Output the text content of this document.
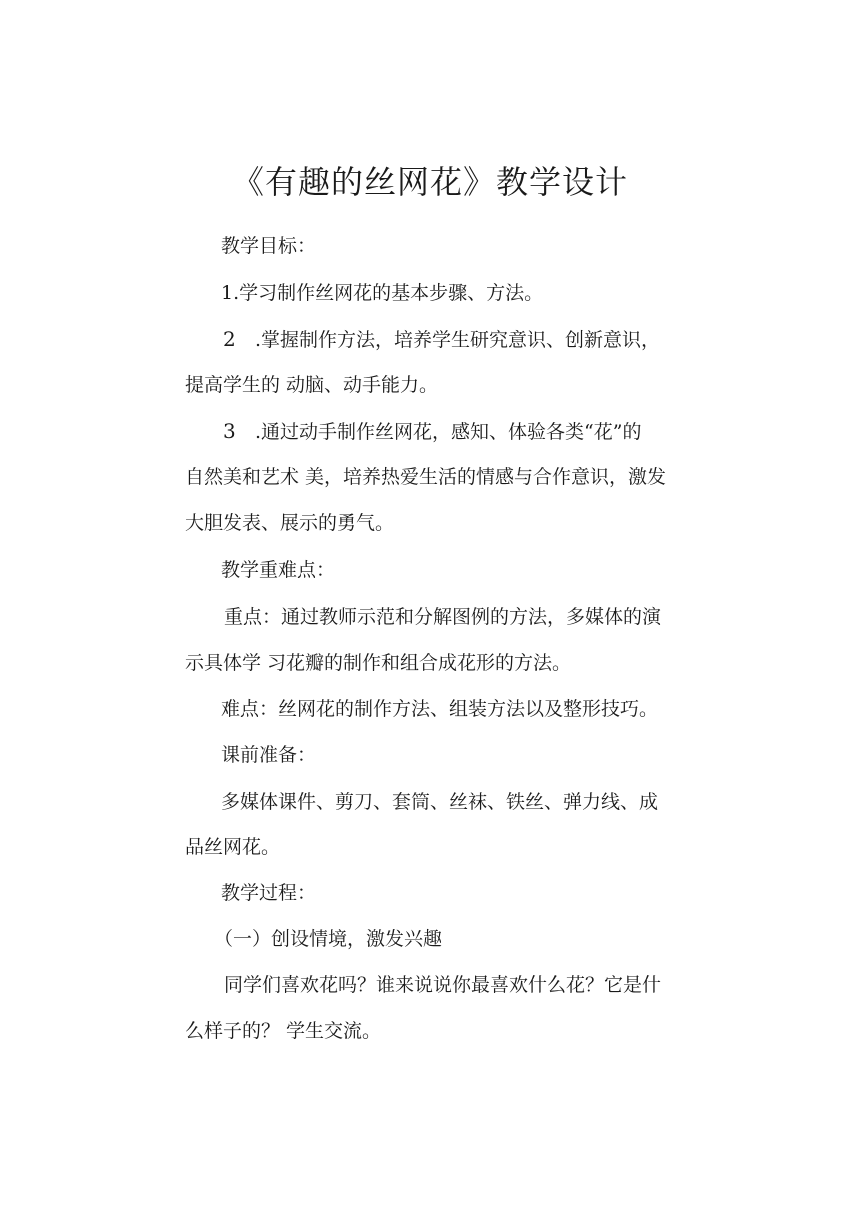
《有趣的丝网花》教学设计

教学目标：

1.学习制作丝网花的基本步骤、方法。

2 .掌握制作方法，培养学生研究意识、创新意识，

提高学生的 动脑、动手能力。

3 .通过动手制作丝网花，感知、体验各类“花”的

自然美和艺术 美，培养热爱生活的情感与合作意识，激发

大胆发表、展示的勇气。

教学重难点：

重点：通过教师示范和分解图例的方法，多媒体的演

示具体学 习花瓣的制作和组合成花形的方法。

难点：丝网花的制作方法、组装方法以及整形技巧。

课前准备：

多媒体课件、剪刀、套筒、丝袜、铁丝、弹力线、成

品丝网花。

教学过程：

（一）创设情境，激发兴趣

同学们喜欢花吗？谁来说说你最喜欢什么花？它是什

么样子的？ 学生交流。
